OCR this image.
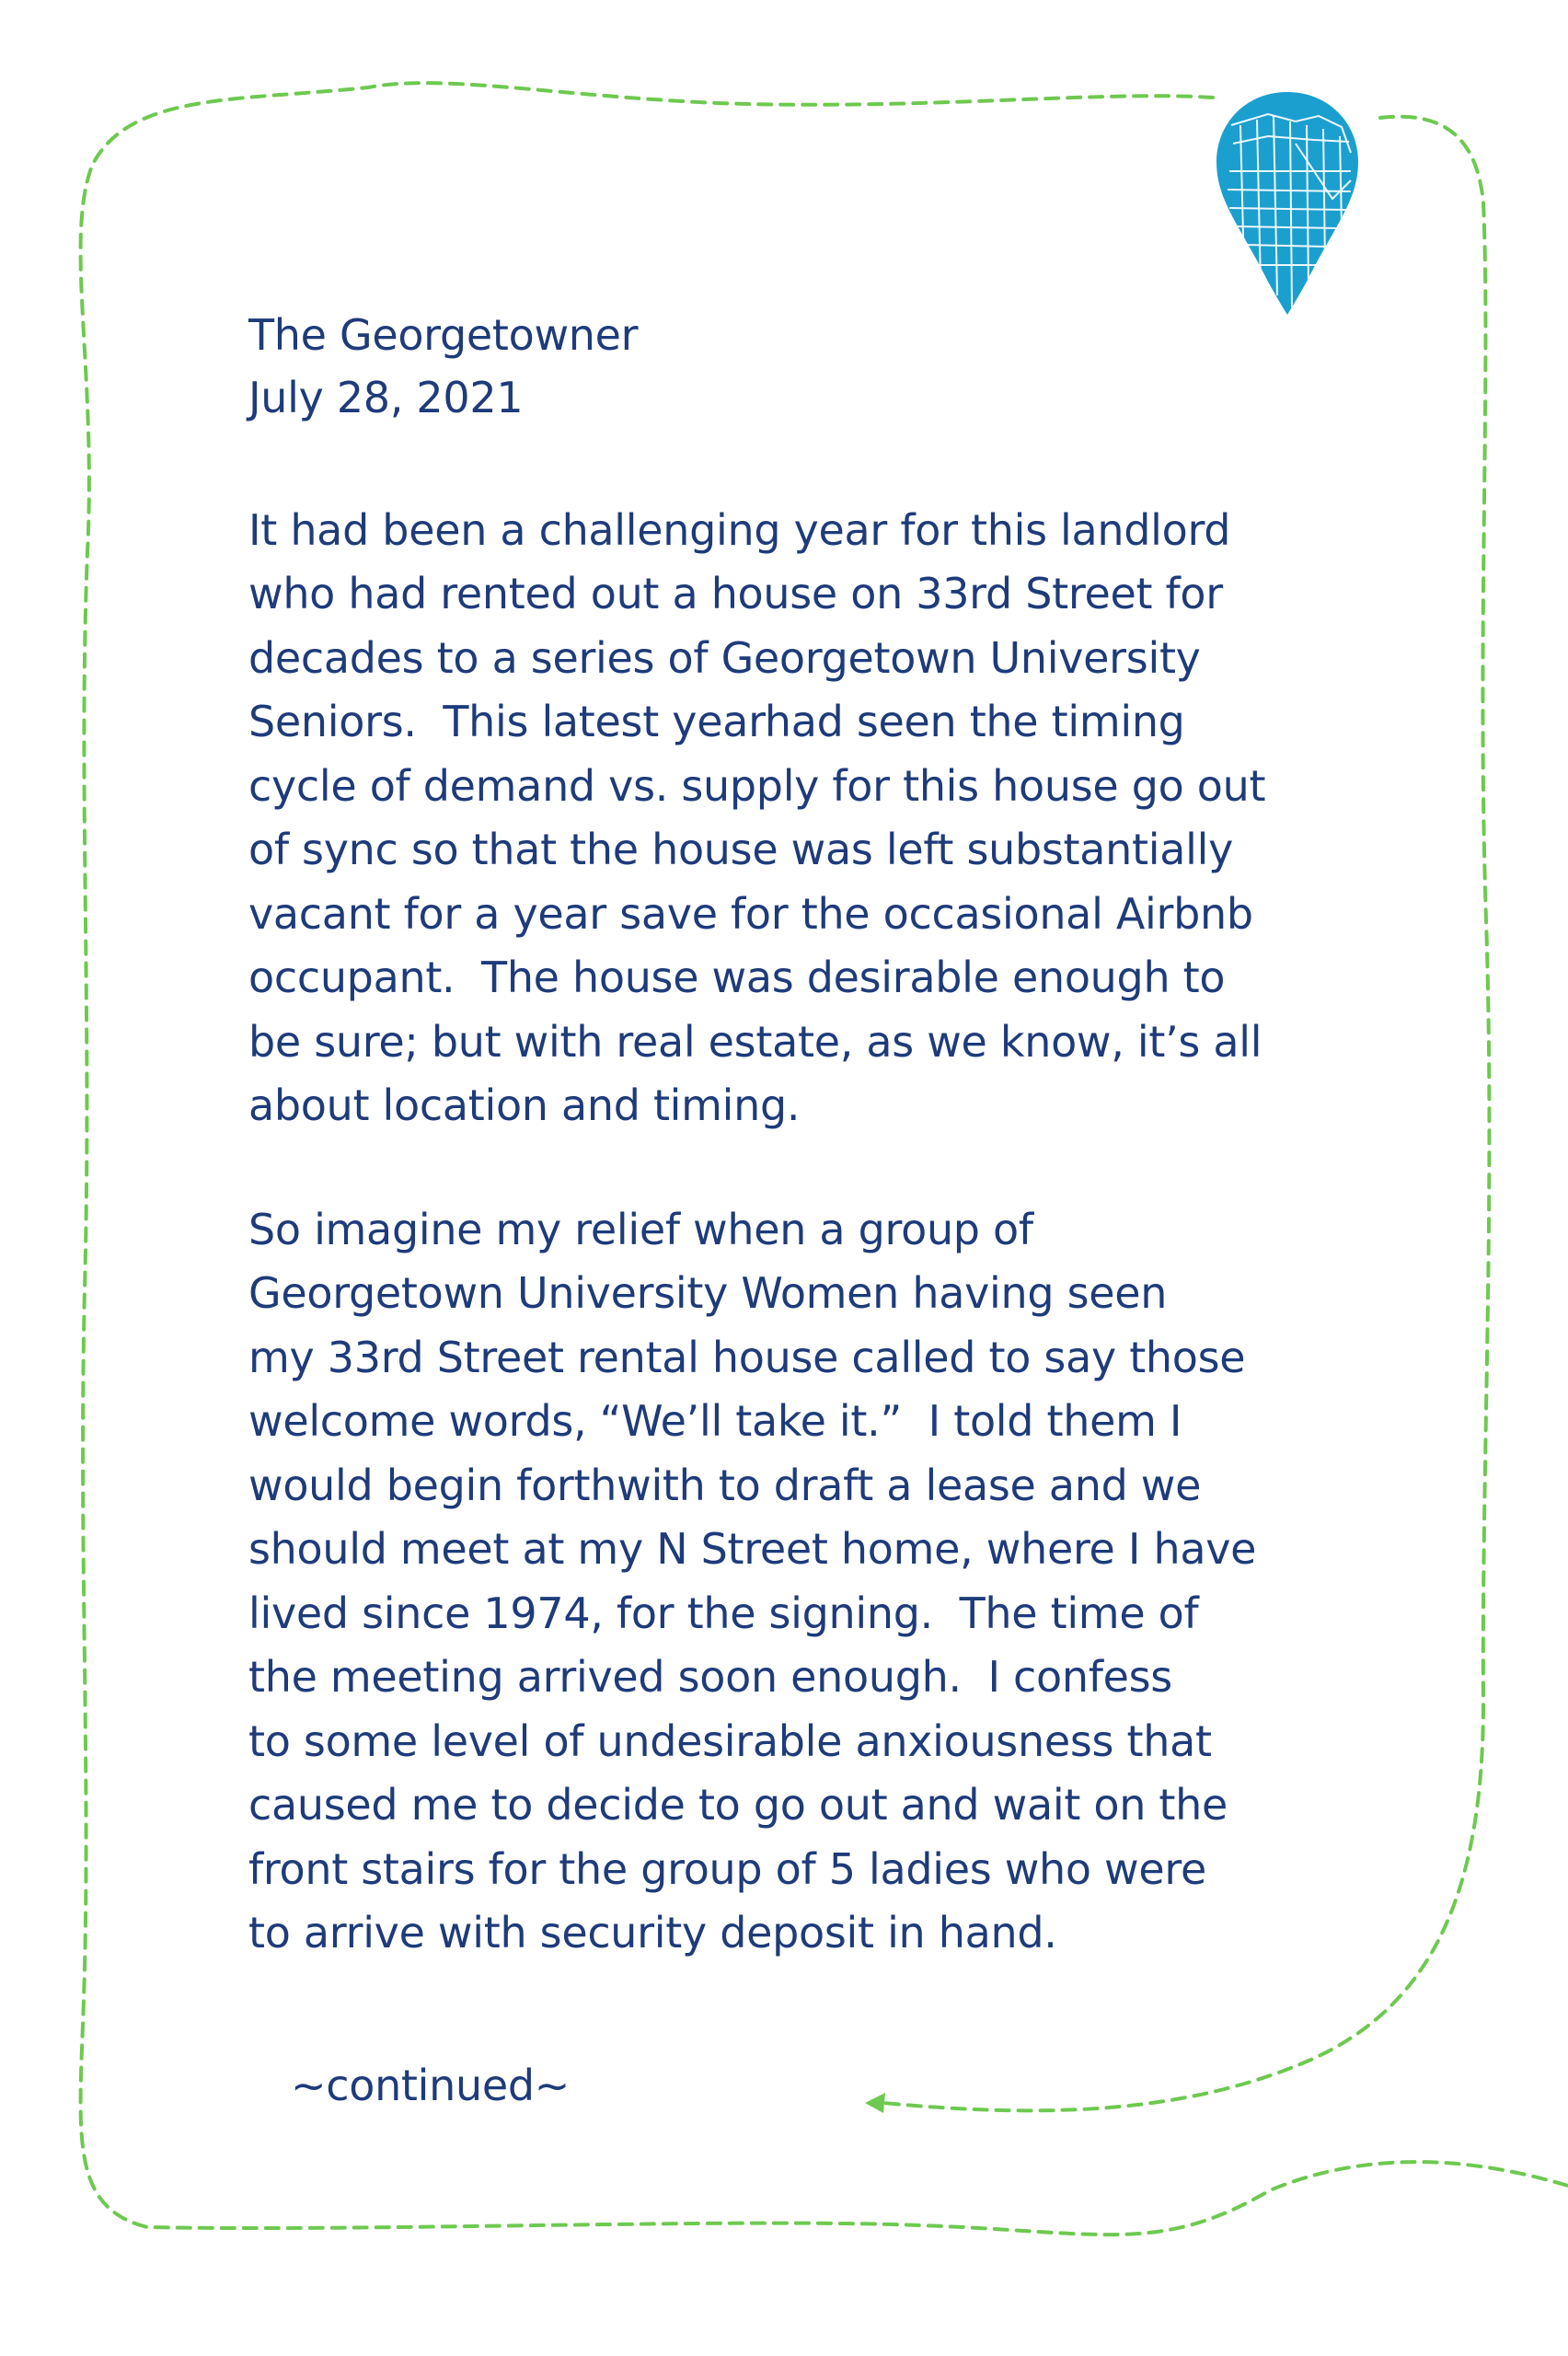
The Georgetowner
July 28, 2021
It had been a challenging year for this landlord
who had rented out a house on 33rd Street for
decades to a series of Georgetown University
Seniors.  This latest yearhad seen the timing
cycle of demand vs. supply for this house go out
of sync so that the house was left substantially
vacant for a year save for the occasional Airbnb
occupant.  The house was desirable enough to
be sure; but with real estate, as we know, it’s all
about location and timing.
So imagine my relief when a group of
Georgetown University Women having seen
my 33rd Street rental house called to say those
welcome words, “We’ll take it.”  I told them I
would begin forthwith to draft a lease and we
should meet at my N Street home, where I have
lived since 1974, for the signing.  The time of
the meeting arrived soon enough.  I confess
to some level of undesirable anxiousness that
caused me to decide to go out and wait on the
front stairs for the group of 5 ladies who were
to arrive with security deposit in hand.
~continued~
